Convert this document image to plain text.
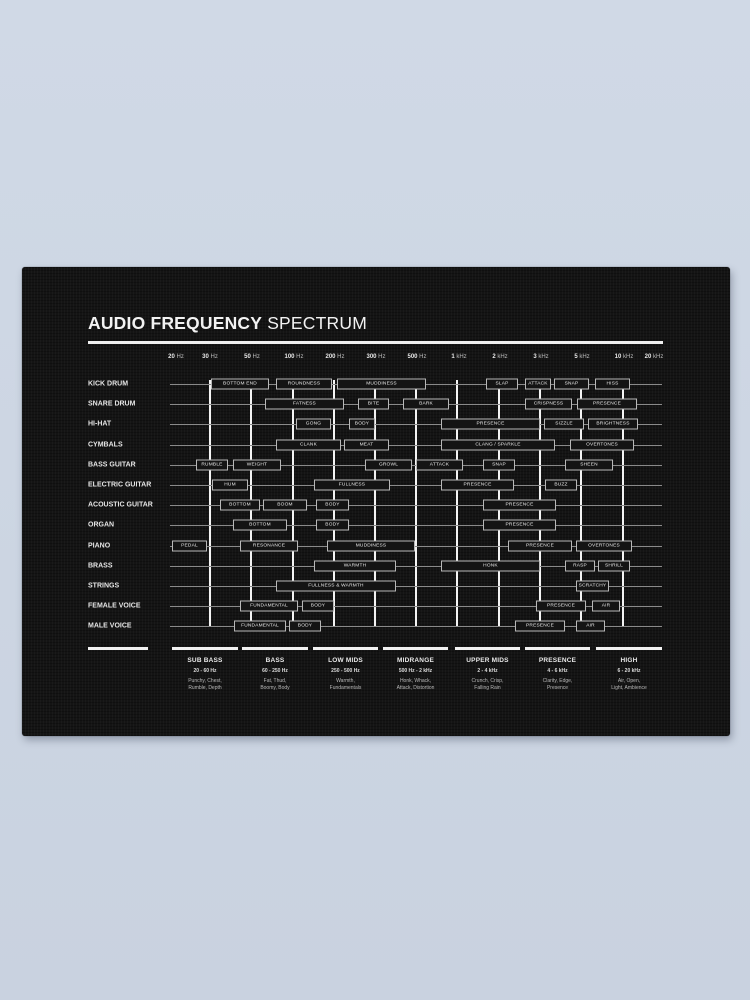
AUDIO FREQUENCY SPECTRUM
20 Hz	30 Hz	50 Hz	100 Hz	200 Hz	300 Hz	500 Hz	1 kHz	2 kHz	3 kHz	5 kHz	10 kHz 20 kHz
KICK DRUM	BOTTOM END	ROUNDNESS	MUDDINESS	SLAP	ATTACK	SNAP	HISS
SNARE DRUM	FATNESS	BITE	BARK	CRISPNESS	PRESENCE
HI-HAT	GONG	BODY	PRESENCE	SIZZLE	BRIGHTNESS
CYMBALS	CLANK	MEAT	CLANG / SPARKLE	OVERTONES
BASS GUITAR	RUMBLE	WEIGHT	GROWL	ATTACK	SNAP	SHEEN
ELECTRIC GUITAR	HUM	FULLNESS	PRESENCE	BUZZ
ACOUSTIC GUITAR	BOTTOM	BOOM	BODY	PRESENCE
ORGAN	BOTTOM	BODY	PRESENCE
PIANO	PEDAL	RESONANCE	MUDDINESS	PRESENCE	OVERTONES
BRASS	WARMTH	HONK	RASP	SHRILL
STRINGS	FULLNESS & WARMTH	SCRATCHY
FEMALE VOICE	FUNDAMENTAL	BODY	PRESENCE	AIR
MALE VOICE	FUNDAMENTAL	BODY	PRESENCE	AIR
SUB BASS
20 - 60 Hz
Punchy, Chest,
Rumble, Depth
BASS
60 - 250 Hz
Fat, Thud,
Boomy, Body
LOW MIDS
250 - 500 Hz
Warmth,
Fundamentals
MIDRANGE
500 Hz - 2 kHz
Honk, Whack,
Attack, Distortion
UPPER MIDS
2 - 4 kHz
Crunch, Crisp,
Falling Rain
PRESENCE
4 - 6 kHz
Clarity, Edge,
Presence
HIGH
6 - 20 kHz
Air, Open,
Light, Ambience
